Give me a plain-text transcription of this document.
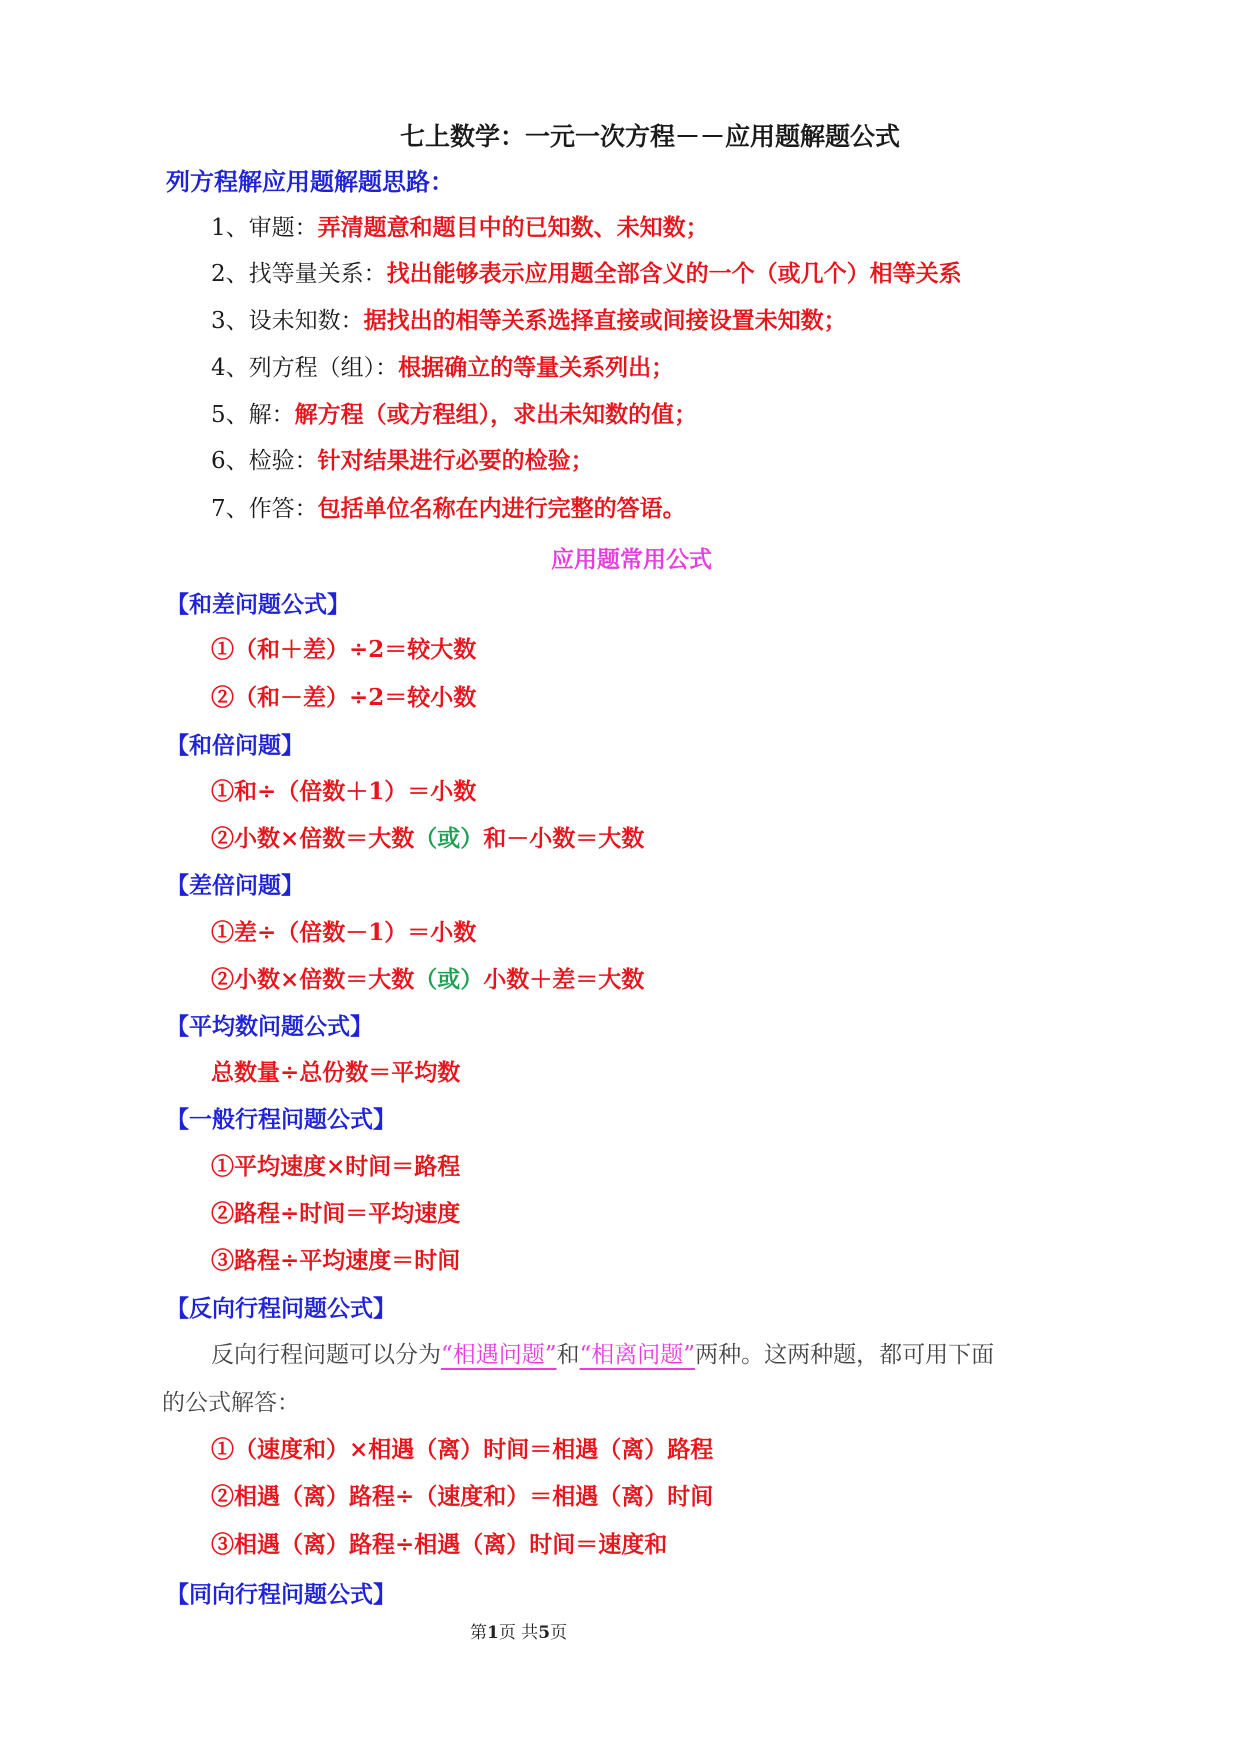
七上数学：一元一次方程－－应用题解题公式
列方程解应用题解题思路：
1、审题：弄清题意和题目中的已知数、未知数；
2、找等量关系：找出能够表示应用题全部含义的一个（或几个）相等关系
3、设未知数：据找出的相等关系选择直接或间接设置未知数；
4、列方程（组）：根据确立的等量关系列出；
5、解：解方程（或方程组），求出未知数的值；
6、检验：针对结果进行必要的检验；
7、作答：包括单位名称在内进行完整的答语。
应用题常用公式
【和差问题公式】
①（和＋差）÷2＝较大数
②（和－差）÷2＝较小数
【和倍问题】
①和÷（倍数＋1）＝小数
②小数×倍数＝大数（或）和－小数＝大数
【差倍问题】
①差÷（倍数－1）＝小数
②小数×倍数＝大数（或）小数＋差＝大数
【平均数问题公式】
总数量÷总份数＝平均数
【一般行程问题公式】
①平均速度×时间＝路程
②路程÷时间＝平均速度
③路程÷平均速度＝时间
【反向行程问题公式】
反向行程问题可以分为“相遇问题”和“相离问题”两种。这两种题，都可用下面
的公式解答：
①（速度和）×相遇（离）时间＝相遇（离）路程
②相遇（离）路程÷（速度和）＝相遇（离）时间
③相遇（离）路程÷相遇（离）时间＝速度和
【同向行程问题公式】
第1页 共5页
